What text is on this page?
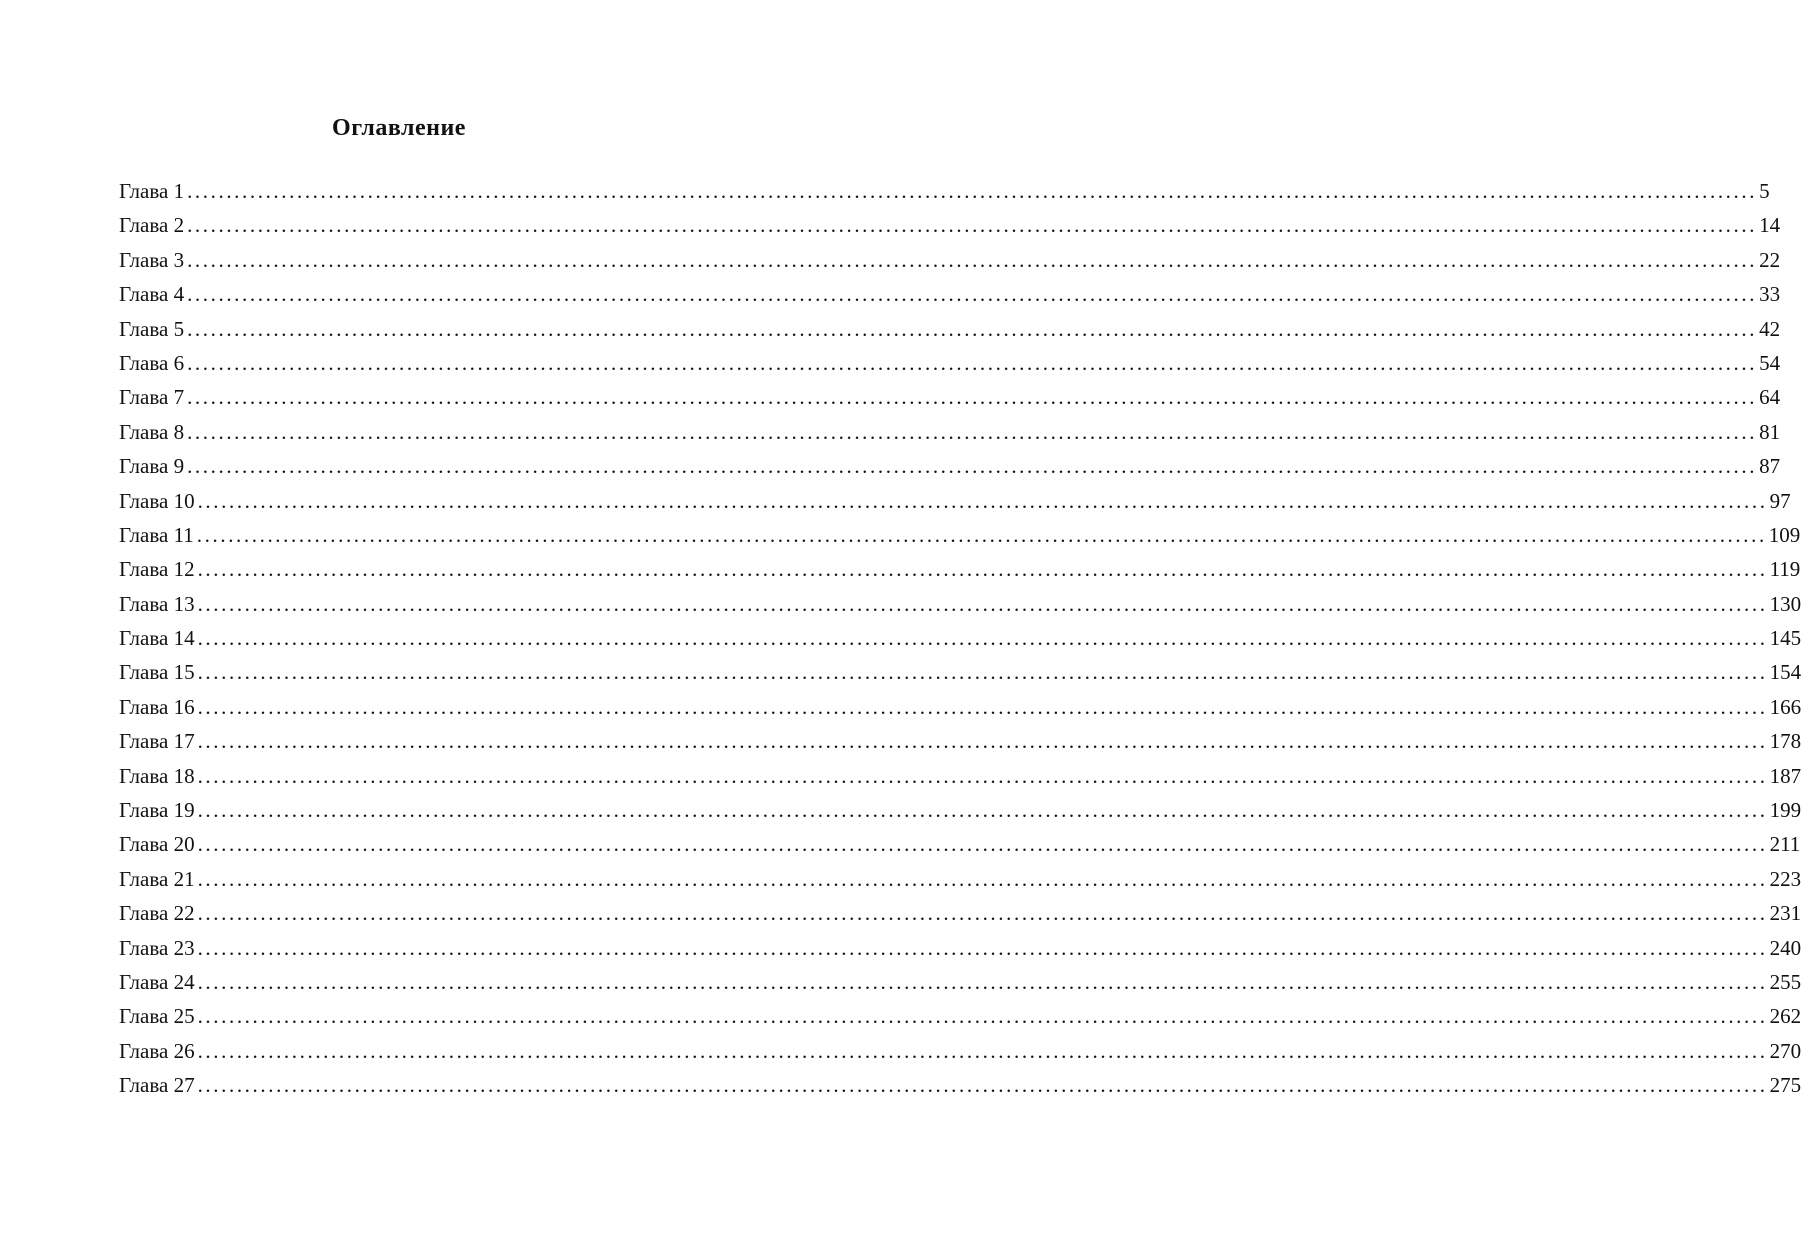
Оглавление
Глава 1 ........................................................................................................................................................................................................ 5
Глава 2 ........................................................................................................................................................................................................ 14
Глава 3 ........................................................................................................................................................................................................ 22
Глава 4 ........................................................................................................................................................................................................ 33
Глава 5 ........................................................................................................................................................................................................ 42
Глава 6 ........................................................................................................................................................................................................ 54
Глава 7 ........................................................................................................................................................................................................ 64
Глава 8 ........................................................................................................................................................................................................ 81
Глава 9 ........................................................................................................................................................................................................ 87
Глава 10 ........................................................................................................................................................................................................ 97
Глава 11 ........................................................................................................................................................................................................ 109
Глава 12 ........................................................................................................................................................................................................ 119
Глава 13 ........................................................................................................................................................................................................ 130
Глава 14 ........................................................................................................................................................................................................ 145
Глава 15 ........................................................................................................................................................................................................ 154
Глава 16 ........................................................................................................................................................................................................ 166
Глава 17 ........................................................................................................................................................................................................ 178
Глава 18 ........................................................................................................................................................................................................ 187
Глава 19 ........................................................................................................................................................................................................ 199
Глава 20 ........................................................................................................................................................................................................ 211
Глава 21 ........................................................................................................................................................................................................ 223
Глава 22 ........................................................................................................................................................................................................ 231
Глава 23 ........................................................................................................................................................................................................ 240
Глава 24 ........................................................................................................................................................................................................ 255
Глава 25 ........................................................................................................................................................................................................ 262
Глава 26 ........................................................................................................................................................................................................ 270
Глава 27 ........................................................................................................................................................................................................ 275
